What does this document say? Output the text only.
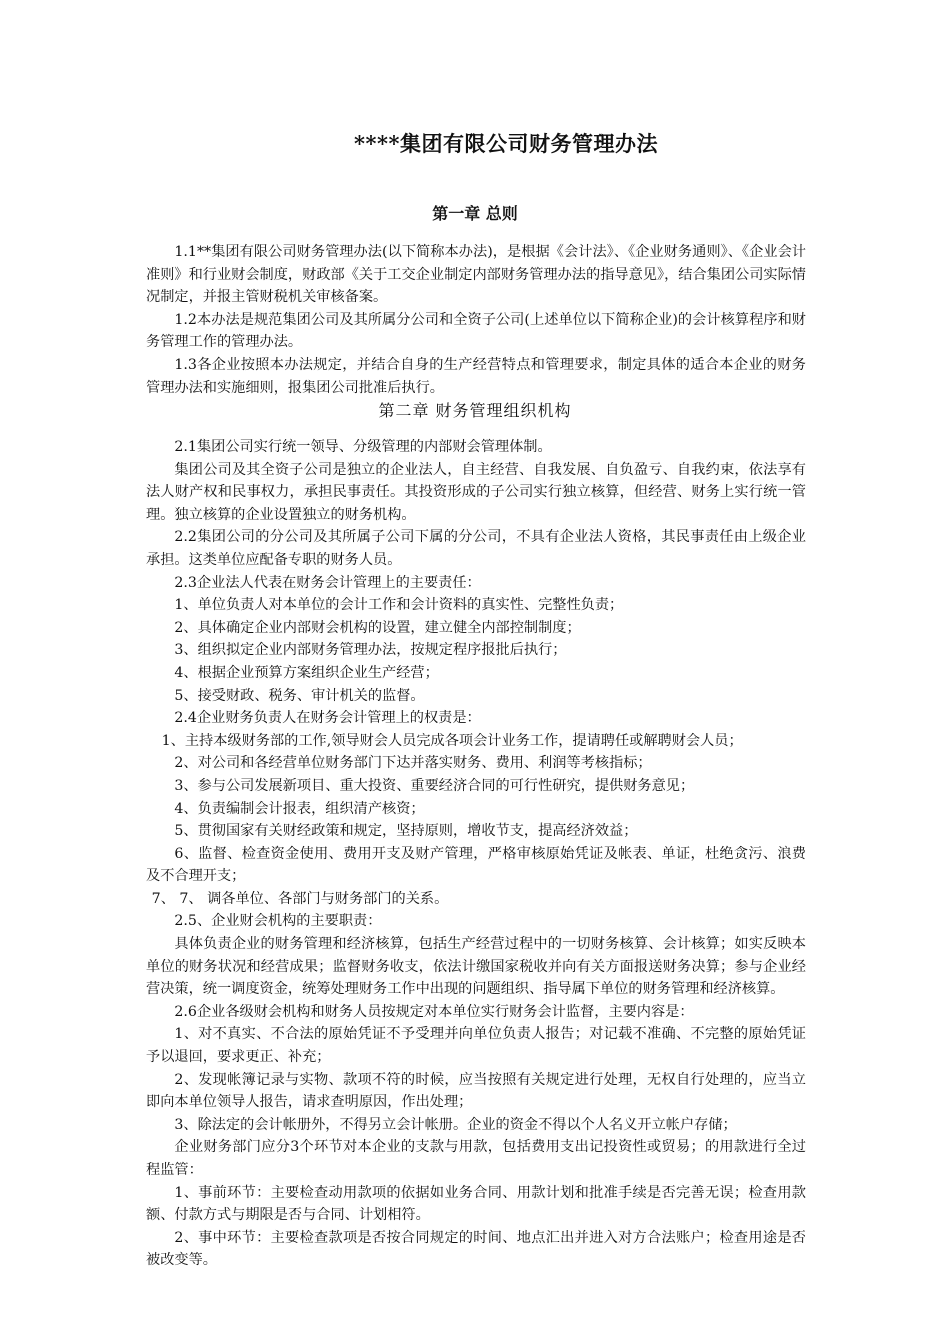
****集团有限公司财务管理办法
第一章 总则

1.1**集团有限公司财务管理办法(以下简称本办法)，是根据《会计法》、《企业财务通则》、《企业会计准则》和行业财会制度，财政部《关于工交企业制定内部财务管理办法的指导意见》，结合集团公司实际情况制定，并报主管财税机关审核备案。

1.2本办法是规范集团公司及其所属分公司和全资子公司(上述单位以下简称企业)的会计核算程序和财务管理工作的管理办法。

1.3各企业按照本办法规定，并结合自身的生产经营特点和管理要求，制定具体的适合本企业的财务管理办法和实施细则，报集团公司批准后执行。

第二章 财务管理组织机构

2.1集团公司实行统一领导、分级管理的内部财会管理体制。

集团公司及其全资子公司是独立的企业法人，自主经营、自我发展、自负盈亏、自我约束，依法享有法人财产权和民事权力，承担民事责任。其投资形成的子公司实行独立核算，但经营、财务上实行统一管理。独立核算的企业设置独立的财务机构。

2.2集团公司的分公司及其所属子公司下属的分公司，不具有企业法人资格，其民事责任由上级企业承担。这类单位应配备专职的财务人员。

2.3企业法人代表在财务会计管理上的主要责任：

1、单位负责人对本单位的会计工作和会计资料的真实性、完整性负责；

2、具体确定企业内部财会机构的设置，建立健全内部控制制度；

3、组织拟定企业内部财务管理办法，按规定程序报批后执行；

4、根据企业预算方案组织企业生产经营；

5、接受财政、税务、审计机关的监督。

2.4企业财务负责人在财务会计管理上的权责是：

1、主持本级财务部的工作,领导财会人员完成各项会计业务工作，提请聘任或解聘财会人员；

2、对公司和各经营单位财务部门下达并落实财务、费用、利润等考核指标；

3、参与公司发展新项目、重大投资、重要经济合同的可行性研究，提供财务意见；

4、负责编制会计报表，组织清产核资；

5、贯彻国家有关财经政策和规定，坚持原则，增收节支，提高经济效益；

6、监督、检查资金使用、费用开支及财产管理，严格审核原始凭证及帐表、单证，杜绝贪污、浪费及不合理开支；

7、 7、 调各单位、各部门与财务部门的关系。

2.5、企业财会机构的主要职责：

具体负责企业的财务管理和经济核算，包括生产经营过程中的一切财务核算、会计核算；如实反映本单位的财务状况和经营成果；监督财务收支，依法计缴国家税收并向有关方面报送财务决算；参与企业经营决策，统一调度资金，统筹处理财务工作中出现的问题组织、指导属下单位的财务管理和经济核算。

2.6企业各级财会机构和财务人员按规定对本单位实行财务会计监督，主要内容是：

1、对不真实、不合法的原始凭证不予受理并向单位负责人报告；对记载不准确、不完整的原始凭证予以退回，要求更正、补充；

2、发现帐簿记录与实物、款项不符的时候，应当按照有关规定进行处理，无权自行处理的，应当立即向本单位领导人报告，请求查明原因，作出处理；

3、除法定的会计帐册外，不得另立会计帐册。企业的资金不得以个人名义开立帐户存储；

企业财务部门应分3个环节对本企业的支款与用款，包括费用支出记投资性或贸易；的用款进行全过程监管：

1、事前环节：主要检查动用款项的依据如业务合同、用款计划和批准手续是否完善无误；检查用款额、付款方式与期限是否与合同、计划相符。

2、事中环节：主要检查款项是否按合同规定的时间、地点汇出并进入对方合法账户；检查用途是否被改变等。
